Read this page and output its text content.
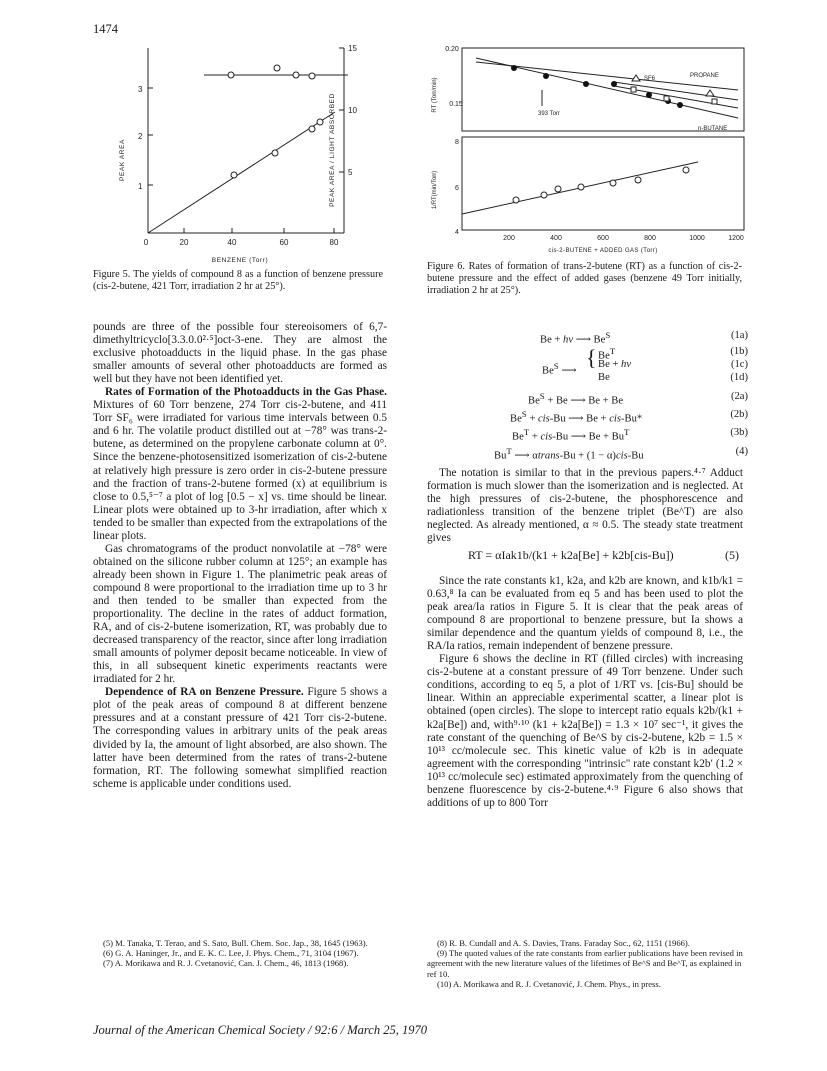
1474
3
2
1
15
10
5
0	20	40	60	80
BENZENE (Torr)
PEAK AREA	PEAK AREA / LIGHT ABSORBED
Figure 5. The yields of compound 8 as a function of benzene pressure (cis-2-butene, 421 Torr, irradiation 2 hr at 25°).
SF6	PROPANE
n-BUTANE
393 Torr
0.20
0.15
RT (Torr/min)
8
6
4
1/RT(min/Torr)
200	400	600	800	1000	1200
cis-2-BUTENE + ADDED GAS (Torr)
Figure 6. Rates of formation of trans-2-butene (RT) as a function of cis-2-butene pressure and the effect of added gases (benzene 49 Torr initially, irradiation 2 hr at 25°).

pounds are three of the possible four stereoisomers of 6,7-dimethyltricyclo[3.3.0.0²·⁵]oct-3-ene. They are almost the exclusive photoadducts in the liquid phase. In the gas phase smaller amounts of several other photoadducts are formed as well but they have not been identified yet.

Rates of Formation of the Photoadducts in the Gas Phase. Mixtures of 60 Torr benzene, 274 Torr cis-2-butene, and 411 Torr SF₆ were irradiated for various time intervals between 0.5 and 6 hr. The volatile product distilled out at −78° was trans-2-butene, as determined on the propylene carbonate column at 0°. Since the benzene-photosensitized isomerization of cis-2-butene at relatively high pressure is zero order in cis-2-butene pressure and the fraction of trans-2-butene formed (x) at equilibrium is close to 0.5,⁵⁻⁷ a plot of log [0.5 − x] vs. time should be linear. Linear plots were obtained up to 3-hr irradiation, after which x tended to be smaller than expected from the extrapolations of the linear plots.

Gas chromatograms of the product nonvolatile at −78° were obtained on the silicone rubber column at 125°; an example has already been shown in Figure 1. The planimetric peak areas of compound 8 were proportional to the irradiation time up to 3 hr and then tended to be smaller than expected from the proportionality. The decline in the rates of adduct formation, RA, and of cis-2-butene isomerization, RT, was probably due to decreased transparency of the reactor, since after long irradiation small amounts of polymer deposit became noticeable. In view of this, in all subsequent kinetic experiments reactants were irradiated for 2 hr.

Dependence of RA on Benzene Pressure. Figure 5 shows a plot of the peak areas of compound 8 at different benzene pressures and at a constant pressure of 421 Torr cis-2-butene. The corresponding values in arbitrary units of the peak areas divided by Ia, the amount of light absorbed, are also shown. The latter have been determined from the rates of trans-2-butene formation, RT. The following somewhat simplified reaction scheme is applicable under conditions used.

Be + hν ⟶ $Be^S$	(1a)
$Be^S$ ⟶
{ $Be^T$
Be + hν
Be
(1b)
(1c)
(1d)
$Be^S + Be$ ⟶ Be + Be	(2a)
$Be^S + cis-Bu$ ⟶ Be + cis-Bu*	(2b)
$Be^T + cis-Bu$ ⟶ $Be + Bu^T$	(3b)
$Bu^T$ ⟶ αtrans-Bu + (1 − α)cis-Bu	(4)

The notation is similar to that in the previous papers.⁴·⁷ Adduct formation is much slower than the isomerization and is neglected. At the high pressures of cis-2-butene, the phosphorescence and radiationless transition of the benzene triplet (Be^T) are also neglected. As already mentioned, α ≈ 0.5. The steady state treatment gives

RT = αIak1b/(k1 + k2a[Be] + k2b[cis-Bu])	(5)

Since the rate constants k1, k2a, and k2b are known, and k1b/k1 = 0.63,⁸ Ia can be evaluated from eq 5 and has been used to plot the peak area/Ia ratios in Figure 5. It is clear that the peak areas of compound 8 are proportional to benzene pressure, but Ia shows a similar dependence and the quantum yields of compound 8, i.e., the RA/Ia ratios, remain independent of benzene pressure.

Figure 6 shows the decline in RT (filled circles) with increasing cis-2-butene at a constant pressure of 49 Torr benzene. Under such conditions, according to eq 5, a plot of 1/RT vs. [cis-Bu] should be linear. Within an appreciable experimental scatter, a linear plot is obtained (open circles). The slope to intercept ratio equals k2b/(k1 + k2a[Be]) and, with⁹·¹⁰ (k1 + k2a[Be]) = 1.3 × 10⁷ sec⁻¹, it gives the rate constant of the quenching of Be^S by cis-2-butene, k2b = 1.5 × 10¹³ cc/molecule sec. This kinetic value of k2b is in adequate agreement with the corresponding "intrinsic" rate constant k2b′ (1.2 × 10¹³ cc/molecule sec) estimated approximately from the quenching of benzene fluorescence by cis-2-butene.⁴·⁹ Figure 6 also shows that additions of up to 800 Torr

(5) M. Tanaka, T. Terao, and S. Sato, Bull. Chem. Soc. Jap., 38, 1645 (1963).
(6) G. A. Haninger, Jr., and E. K. C. Lee, J. Phys. Chem., 71, 3104 (1967).
(7) A. Morikawa and R. J. Cvetanović, Can. J. Chem., 46, 1813 (1968).
(8) R. B. Cundall and A. S. Davies, Trans. Faraday Soc., 62, 1151 (1966).
(9) The quoted values of the rate constants from earlier publications have been revised in agreement with the new literature values of the lifetimes of Be^S and Be^T, as explained in ref 10.
(10) A. Morikawa and R. J. Cvetanović, J. Chem. Phys., in press.
Journal of the American Chemical Society / 92:6 / March 25, 1970
